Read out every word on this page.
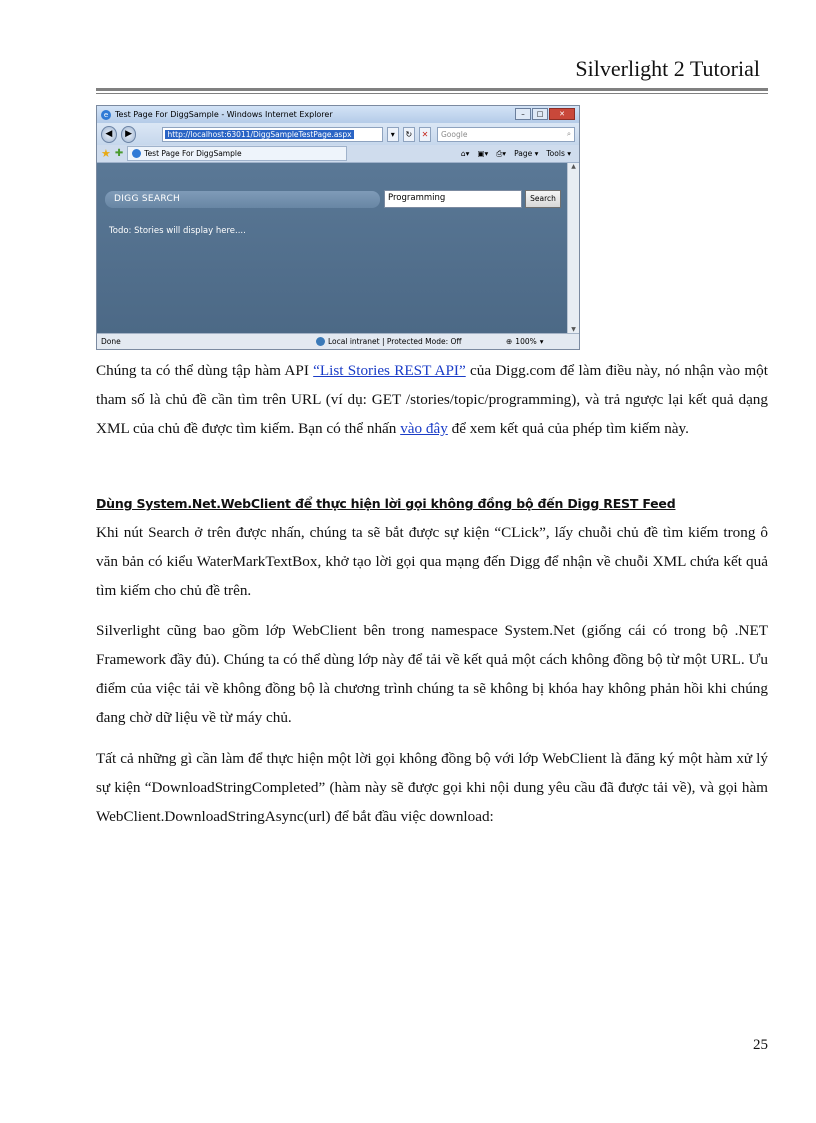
Silverlight 2 Tutorial
e Test Page For DiggSample - Windows Internet Explorer	–	□	✕
◀	▶	http://localhost:63011/DiggSampleTestPage.aspx	▾	↻	✕	Google	⌕
★ ✚	Test Page For DiggSample	⌂▾ ▣▾ ⎙▾ Page ▾ Tools ▾
DIGG SEARCH	Programming	Search
Todo: Stories will display here....
▲
▼
Done	Local intranet | Protected Mode: Off	⊕ 100% ▾

Chúng ta có thể dùng tập hàm API “List Stories REST API” của Digg.com để làm điều này, nó nhận vào một tham số là chủ đề cần tìm trên URL (ví dụ: GET /stories/topic/programming), và trả ngược lại kết quả dạng XML của chủ đề được tìm kiếm. Bạn có thể nhấn vào đây để xem kết quả của phép tìm kiếm này.

Dùng System.Net.WebClient để thực hiện lời gọi không đồng bộ đến Digg REST Feed

Khi nút Search ở trên được nhấn, chúng ta sẽ bắt được sự kiện “CLick”, lấy chuỗi chủ đề tìm kiếm trong ô văn bản có kiểu WaterMarkTextBox, khở tạo lời gọi qua mạng đến Digg để nhận về chuỗi XML chứa kết quả tìm kiếm cho chủ đề trên.

Silverlight cũng bao gồm lớp WebClient bên trong namespace System.Net (giống cái có trong bộ .NET Framework đầy đủ). Chúng ta có thể dùng lớp này để tải về kết quả một cách không đồng bộ từ một URL. Ưu điểm của việc tải về không đồng bộ là chương trình chúng ta sẽ không bị khóa hay không phản hồi khi chúng đang chờ dữ liệu về từ máy chủ.

Tất cả những gì cần làm để thực hiện một lời gọi không đồng bộ với lớp WebClient là đăng ký một hàm xử lý sự kiện “DownloadStringCompleted” (hàm này sẽ được gọi khi nội dung yêu cầu đã được tải về), và gọi hàm WebClient.DownloadStringAsync(url) để bắt đầu việc download:

25
